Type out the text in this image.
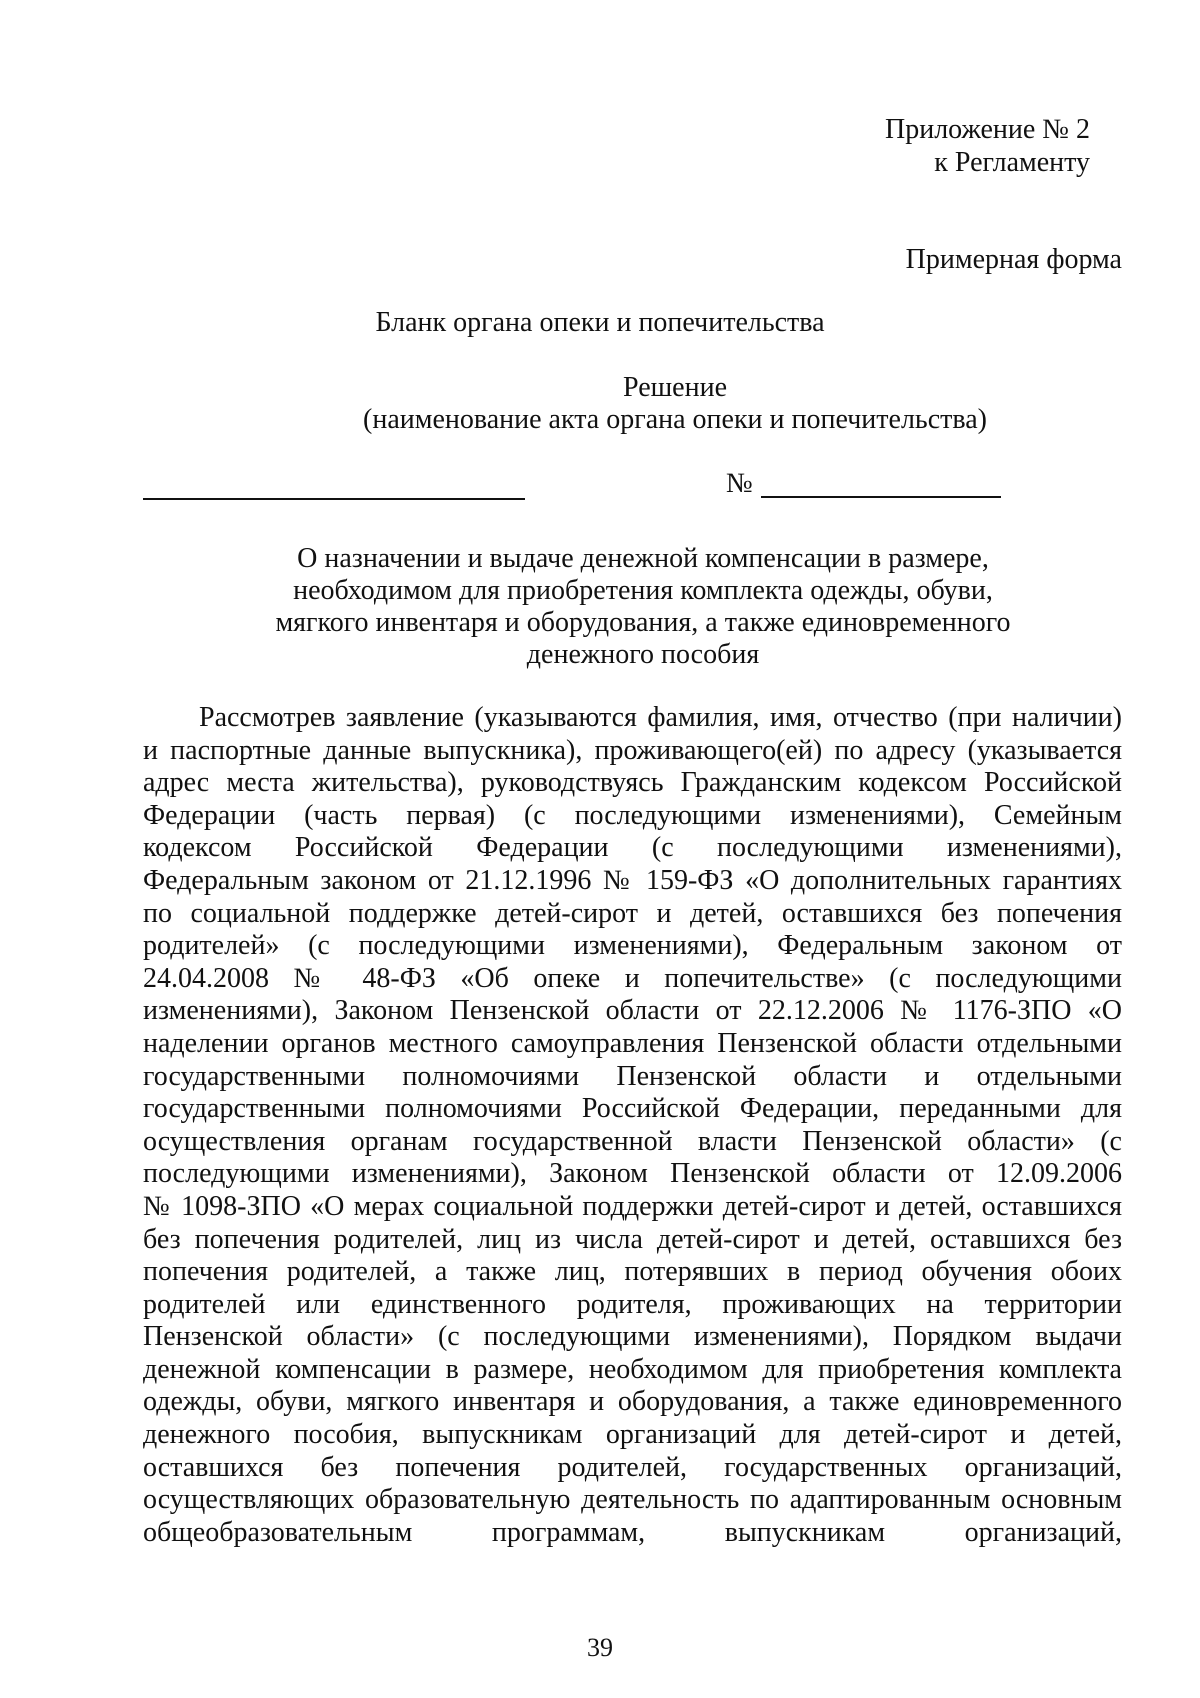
Приложение № 2
к Регламенту
Примерная форма
Бланк органа опеки и попечительства
Решение
(наименование акта органа опеки и попечительства)
№

О назначении и выдаче денежной компенсации в размере,

необходимом для приобретения комплекта одежды, обуви,

мягкого инвентаря и оборудования, а также единовременного

денежного пособия

Рассмотрев заявление (указываются фамилия, имя, отчество (при наличии)
и паспортные данные выпускника), проживающего(ей) по адресу (указывается
адрес места жительства), руководствуясь Гражданским кодексом Российской
Федерации (часть первая) (с последующими изменениями), Семейным
кодексом Российской Федерации (с последующими изменениями),
Федеральным законом от 21.12.1996 № 159-ФЗ «О дополнительных гарантиях
по социальной поддержке детей-сирот и детей, оставшихся без попечения
родителей» (с последующими изменениями), Федеральным законом от
24.04.2008 № 48-ФЗ «Об опеке и попечительстве» (с последующими
изменениями), Законом Пензенской области от 22.12.2006 № 1176-ЗПО «О
наделении органов местного самоуправления Пензенской области отдельными
государственными полномочиями Пензенской области и отдельными
государственными полномочиями Российской Федерации, переданными для
осуществления органам государственной власти Пензенской области» (с
последующими изменениями), Законом Пензенской области от 12.09.2006
№ 1098-ЗПО «О мерах социальной поддержки детей-сирот и детей, оставшихся
без попечения родителей, лиц из числа детей-сирот и детей, оставшихся без
попечения родителей, а также лиц, потерявших в период обучения обоих
родителей или единственного родителя, проживающих на территории
Пензенской области» (с последующими изменениями), Порядком выдачи
денежной компенсации в размере, необходимом для приобретения комплекта
одежды, обуви, мягкого инвентаря и оборудования, а также единовременного
денежного пособия, выпускникам организаций для детей-сирот и детей,
оставшихся без попечения родителей, государственных организаций,
осуществляющих образовательную деятельность по адаптированным основным
общеобразовательным программам, выпускникам организаций,
39
